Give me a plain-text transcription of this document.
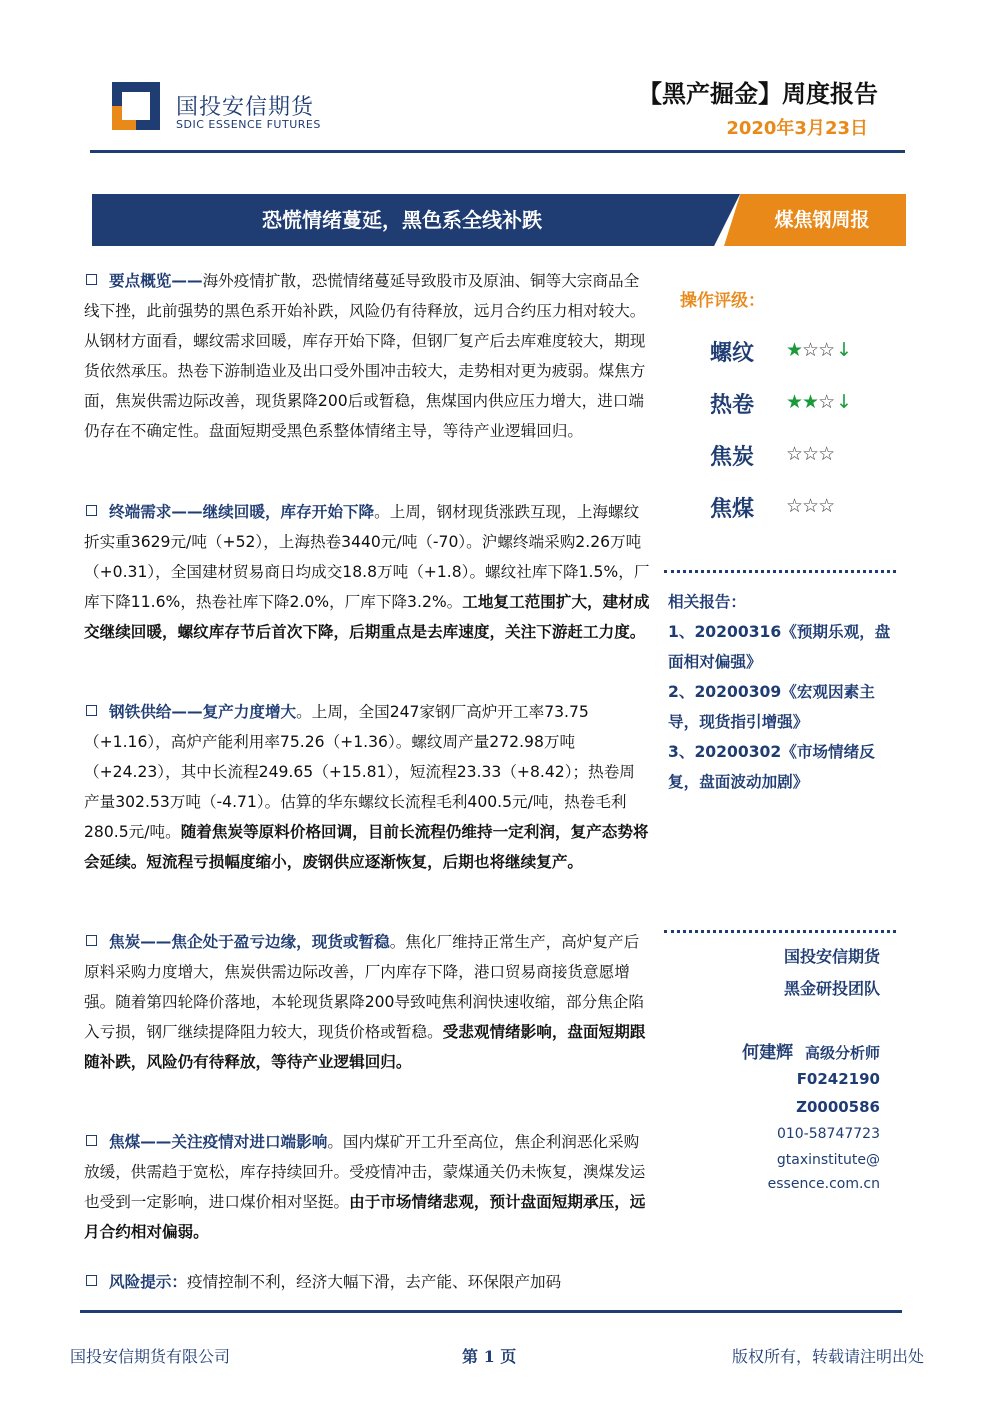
国投安信期货
SDIC ESSENCE FUTURES
【黑产掘金】周度报告
2020年3月23日
恐慌情绪蔓延，黑色系全线补跌	煤焦钢周报
要点概览——海外疫情扩散，恐慌情绪蔓延导致股市及原油、铜等大宗商品全线下挫，此前强势的黑色系开始补跌，风险仍有待释放，远月合约压力相对较大。从钢材方面看，螺纹需求回暖，库存开始下降，但钢厂复产后去库难度较大，期现货依然承压。热卷下游制造业及出口受外围冲击较大，走势相对更为疲弱。煤焦方面，焦炭供需边际改善，现货累降200后或暂稳，焦煤国内供应压力增大，进口端仍存在不确定性。盘面短期受黑色系整体情绪主导，等待产业逻辑回归。
终端需求——继续回暖，库存开始下降。上周，钢材现货涨跌互现，上海螺纹折实重3629元/吨（+52），上海热卷3440元/吨（-70）。沪螺终端采购2.26万吨（+0.31），全国建材贸易商日均成交18.8万吨（+1.8）。螺纹社库下降1.5%，厂库下降11.6%，热卷社库下降2.0%，厂库下降3.2%。工地复工范围扩大，建材成交继续回暖，螺纹库存节后首次下降，后期重点是去库速度，关注下游赶工力度。
钢铁供给——复产力度增大。上周，全国247家钢厂高炉开工率73.75（+1.16），高炉产能利用率75.26（+1.36）。螺纹周产量272.98万吨（+24.23），其中长流程249.65（+15.81），短流程23.33（+8.42）；热卷周产量302.53万吨（-4.71）。估算的华东螺纹长流程毛利400.5元/吨，热卷毛利280.5元/吨。随着焦炭等原料价格回调，目前长流程仍维持一定利润，复产态势将会延续。短流程亏损幅度缩小，废钢供应逐渐恢复，后期也将继续复产。
焦炭——焦企处于盈亏边缘，现货或暂稳。焦化厂维持正常生产，高炉复产后原料采购力度增大，焦炭供需边际改善，厂内库存下降，港口贸易商接货意愿增强。随着第四轮降价落地，本轮现货累降200导致吨焦利润快速收缩，部分焦企陷入亏损，钢厂继续提降阻力较大，现货价格或暂稳。受悲观情绪影响，盘面短期跟随补跌，风险仍有待释放，等待产业逻辑回归。
焦煤——关注疫情对进口端影响。国内煤矿开工升至高位，焦企利润恶化采购放缓，供需趋于宽松，库存持续回升。受疫情冲击，蒙煤通关仍未恢复，澳煤发运也受到一定影响，进口煤价相对坚挺。由于市场情绪悲观，预计盘面短期承压，远月合约相对偏弱。
风险提示：疫情控制不利，经济大幅下滑，去产能、环保限产加码
操作评级：
螺纹 ★☆☆ ↓
热卷 ★★☆ ↓
焦炭 ☆☆☆
焦煤 ☆☆☆
相关报告：
1、20200316《预期乐观，盘面相对偏强》
2、20200309《宏观因素主导，现货指引增强》
3、20200302《市场情绪反复，盘面波动加剧》
国投安信期货
黑金研投团队
何建辉 高级分析师
F0242190
Z0000586
010-58747723
gtaxinstitute@
essence.com.cn
国投安信期货有限公司	第 1 页	版权所有，转载请注明出处
